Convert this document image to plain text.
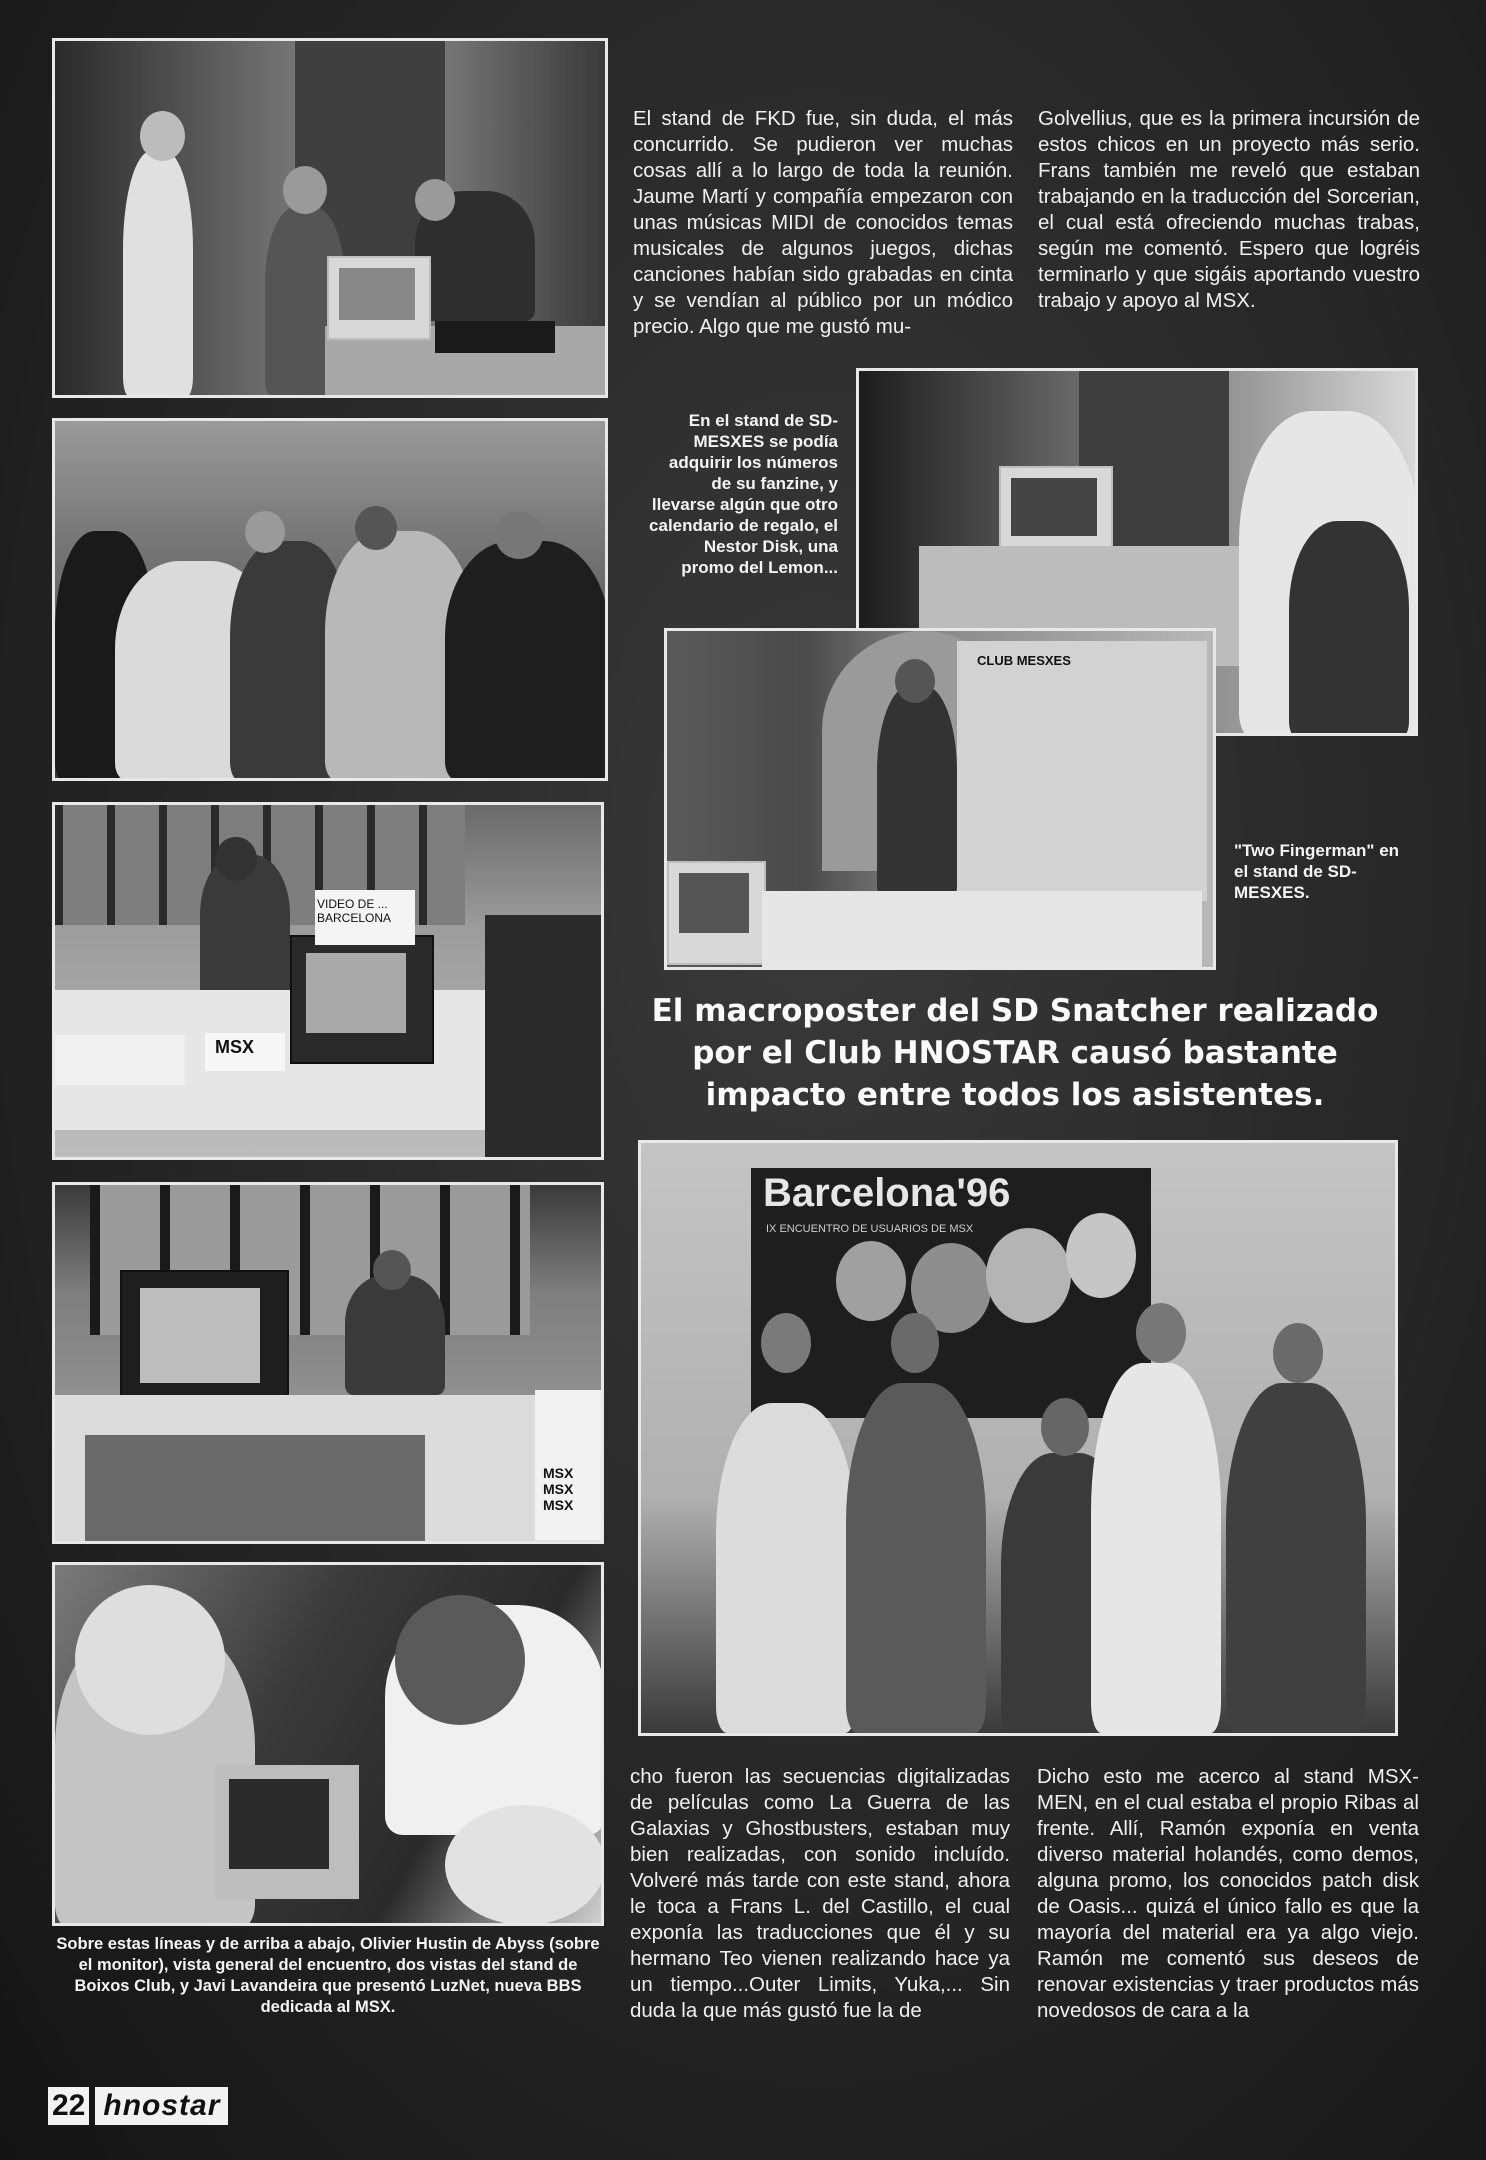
VIDEO DE ... BARCELONA
MSX
MSX MSX MSX

El stand de FKD fue, sin duda, el más concurrido. Se pudieron ver muchas cosas allí a lo largo de toda la reunión. Jaume Martí y compañía empezaron con unas músicas MIDI de conocidos temas musicales de algunos juegos, dichas canciones habían sido grabadas en cinta y se vendían al público por un módico precio. Algo que me gustó mu-

Golvellius, que es la primera incursión de estos chicos en un proyecto más serio. Frans también me reveló que estaban trabajando en la traducción del Sorcerian, el cual está ofreciendo muchas trabas, según me comentó. Espero que logréis terminarlo y que sigáis aportando vuestro trabajo y apoyo al MSX.

En el stand de SD-MESXES se podía adquirir los números de su fanzine, y llevarse algún que otro calendario de regalo, el Nestor Disk, una promo del Lemon...

CLUB MESXES

"Two Fingerman" en el stand de SD-MESXES.

El macroposter del SD Snatcher realizado por el Club HNOSTAR causó bastante impacto entre todos los asistentes.

Barcelona'96
IX ENCUENTRO DE USUARIOS DE MSX

Sobre estas líneas y de arriba a abajo, Olivier Hustin de Abyss (sobre el monitor), vista general del encuentro, dos vistas del stand de Boixos Club, y Javi Lavandeira que presentó LuzNet, nueva BBS dedicada al MSX.

cho fueron las secuencias digitalizadas de películas como La Guerra de las Galaxias y Ghostbusters, estaban muy bien realizadas, con sonido incluído. Volveré más tarde con este stand, ahora le toca a Frans L. del Castillo, el cual exponía las traducciones que él y su hermano Teo vienen realizando hace ya un tiempo...Outer Limits, Yuka,... Sin duda la que más gustó fue la de

Dicho esto me acerco al stand MSX-MEN, en el cual estaba el propio Ribas al frente. Allí, Ramón exponía en venta diverso material holandés, como demos, alguna promo, los conocidos patch disk de Oasis... quizá el único fallo es que la mayoría del material era ya algo viejo. Ramón me comentó sus deseos de renovar existencias y traer productos más novedosos de cara a la

22 hnostar
